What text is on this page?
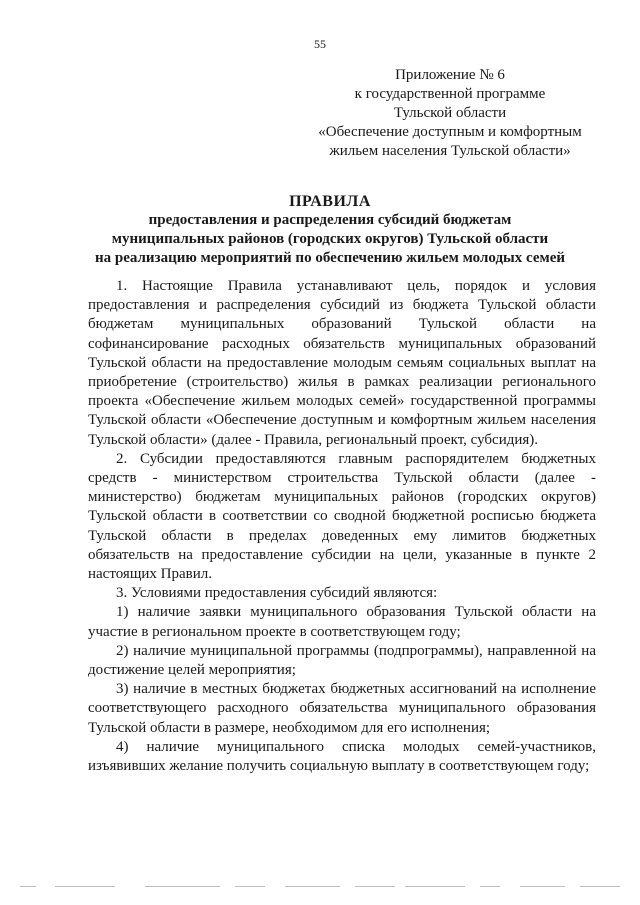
55
Приложение № 6
к государственной программе
Тульской области
«Обеспечение доступным и комфортным
жильем населения Тульской области»
ПРАВИЛА
предоставления и распределения субсидий бюджетам
муниципальных районов (городских округов) Тульской области
на реализацию мероприятий по обеспечению жильем молодых семей

1. Настоящие Правила устанавливают цель, порядок и условия предоставления и распределения субсидий из бюджета Тульской области бюджетам муниципальных образований Тульской области на софинансирование расходных обязательств муниципальных образований Тульской области на предоставление молодым семьям социальных выплат на приобретение (строительство) жилья в рамках реализации регионального проекта «Обеспечение жильем молодых семей» государственной программы Тульской области «Обеспечение доступным и комфортным жильем населения Тульской области» (далее - Правила, региональный проект, субсидия).

2. Субсидии предоставляются главным распорядителем бюджетных средств - министерством строительства Тульской области (далее - министерство) бюджетам муниципальных районов (городских округов) Тульской области в соответствии со сводной бюджетной росписью бюджета Тульской области в пределах доведенных ему лимитов бюджетных обязательств на предоставление субсидии на цели, указанные в пункте 2 настоящих Правил.

3. Условиями предоставления субсидий являются:

1) наличие заявки муниципального образования Тульской области на участие в региональном проекте в соответствующем году;

2) наличие муниципальной программы (подпрограммы), направленной на достижение целей мероприятия;

3) наличие в местных бюджетах бюджетных ассигнований на исполнение соответствующего расходного обязательства муниципального образования Тульской области в размере, необходимом для его исполнения;

4) наличие муниципального списка молодых семей-участников, изъявивших желание получить социальную выплату в соответствующем году;
